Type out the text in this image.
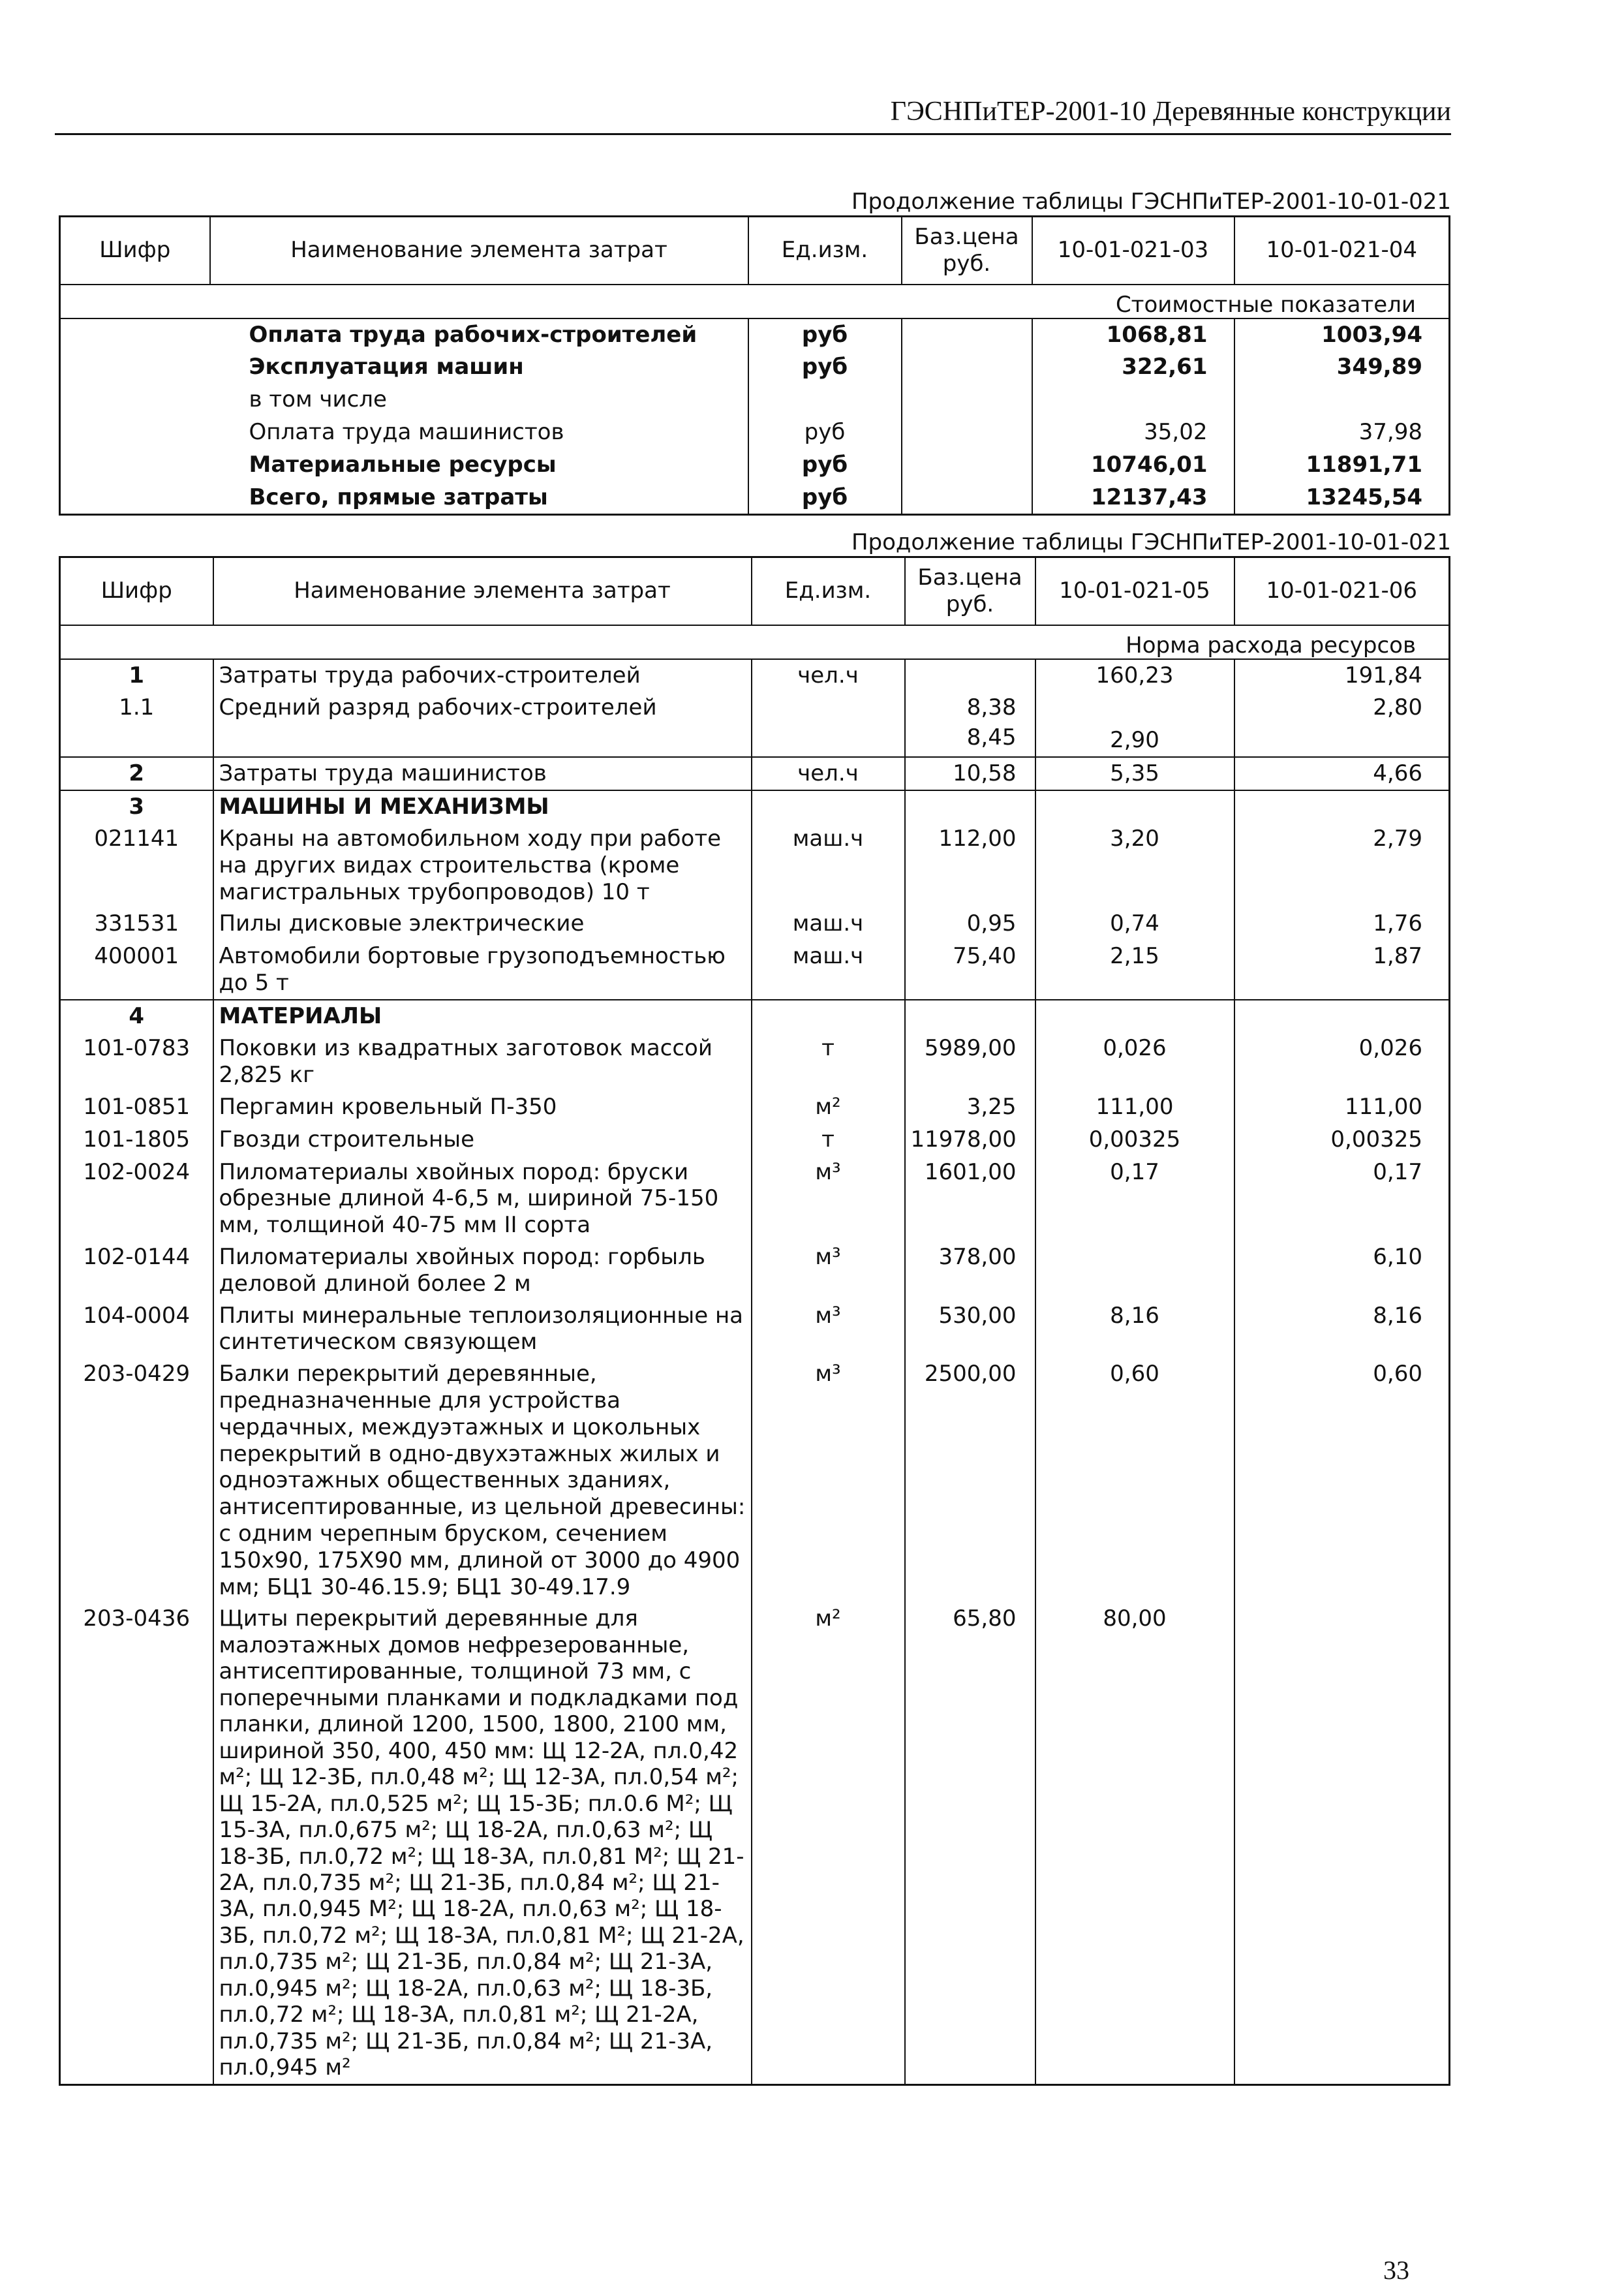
ГЭСНПиТЕР-2001-10 Деревянные конструкции
Продолжение таблицы ГЭСНПиТЕР-2001-10-01-021
Шифр	Наименование элемента затрат	Ед.изм.	Баз.цена руб.	10-01-021-03	10-01-021-04
Стоимостные показатели					
	Оплата труда рабочих-строителей	руб		1068,81	1003,94
	Эксплуатация машин	руб		322,61	349,89
	в том числе				
	Оплата труда машинистов	руб		35,02	37,98
	Материальные ресурсы	руб		10746,01	11891,71
	Всего, прямые затраты	руб		12137,43	13245,54
Продолжение таблицы ГЭСНПиТЕР-2001-10-01-021
Шифр	Наименование элемента затрат	Ед.изм.	Баз.цена руб.	10-01-021-05	10-01-021-06
Норма расхода ресурсов					
1	Затраты труда рабочих-строителей	чел.ч		160,23	191,84
1.1	Средний разряд рабочих-строителей		8,38		2,80
			8,45	2,90	
2	Затраты труда машинистов	чел.ч	10,58	5,35	4,66
3	МАШИНЫ И МЕХАНИЗМЫ				
021141	Краны на автомобильном ходу при работе на других видах строительства (кроме магистральных трубопроводов) 10 т	маш.ч	112,00	3,20	2,79
331531	Пилы дисковые электрические	маш.ч	0,95	0,74	1,76
400001	Автомобили бортовые грузоподъемностью до 5 т	маш.ч	75,40	2,15	1,87
4	МАТЕРИАЛЫ				
101-0783	Поковки из квадратных заготовок массой 2,825 кг	т	5989,00	0,026	0,026
101-0851	Пергамин кровельный П-350	м²	3,25	111,00	111,00
101-1805	Гвозди строительные	т	11978,00	0,00325	0,00325
102-0024	Пиломатериалы хвойных пород: бруски обрезные длиной 4-6,5 м, шириной 75-150 мм, толщиной 40-75 мм II сорта	м³	1601,00	0,17	0,17
102-0144	Пиломатериалы хвойных пород: горбыль деловой длиной более 2 м	м³	378,00		6,10
104-0004	Плиты минеральные теплоизоляционные на синтетическом связующем	м³	530,00	8,16	8,16
203-0429	Балки перекрытий деревянные, предназначенные для устройства чердачных, междуэтажных и цокольных перекрытий в одно-двухэтажных жилых и одноэтажных общественных зданиях, антисептированные, из цельной древесины: с одним черепным бруском, сечением 150х90, 175Х90 мм, длиной от 3000 до 4900 мм; БЦ1 30-46.15.9; БЦ1 30-49.17.9	м³	2500,00	0,60	0,60
203-0436	Щиты перекрытий деревянные для малоэтажных домов нефрезерованные, антисептированные, толщиной 73 мм, с поперечными планками и подкладками под планки, длиной 1200, 1500, 1800, 2100 мм, шириной 350, 400, 450 мм: Щ 12-2А, пл.0,42 м²; Щ 12-3Б, пл.0,48 м²; Щ 12-3А, пл.0,54 м²; Щ 15-2А, пл.0,525 м²; Щ 15-3Б; пл.0.6 М²; Щ 15-3А, пл.0,675 м²; Щ 18-2А, пл.0,63 м²; Щ 18-3Б, пл.0,72 м²; Щ 18-3А, пл.0,81 М²; Щ 21-2А, пл.0,735 м²; Щ 21-3Б, пл.0,84 м²; Щ 21-3А, пл.0,945 М²; Щ 18-2А, пл.0,63 м²; Щ 18-3Б, пл.0,72 м²; Щ 18-3А, пл.0,81 М²; Щ 21-2А, пл.0,735 м²; Щ 21-3Б, пл.0,84 м²; Щ 21-3А, пл.0,945 м²; Щ 18-2А, пл.0,63 м²; Щ 18-3Б, пл.0,72 м²; Щ 18-3А, пл.0,81 м²; Щ 21-2А, пл.0,735 м²; Щ 21-3Б, пл.0,84 м²; Щ 21-3А, пл.0,945 м²	м²	65,80	80,00	
33
